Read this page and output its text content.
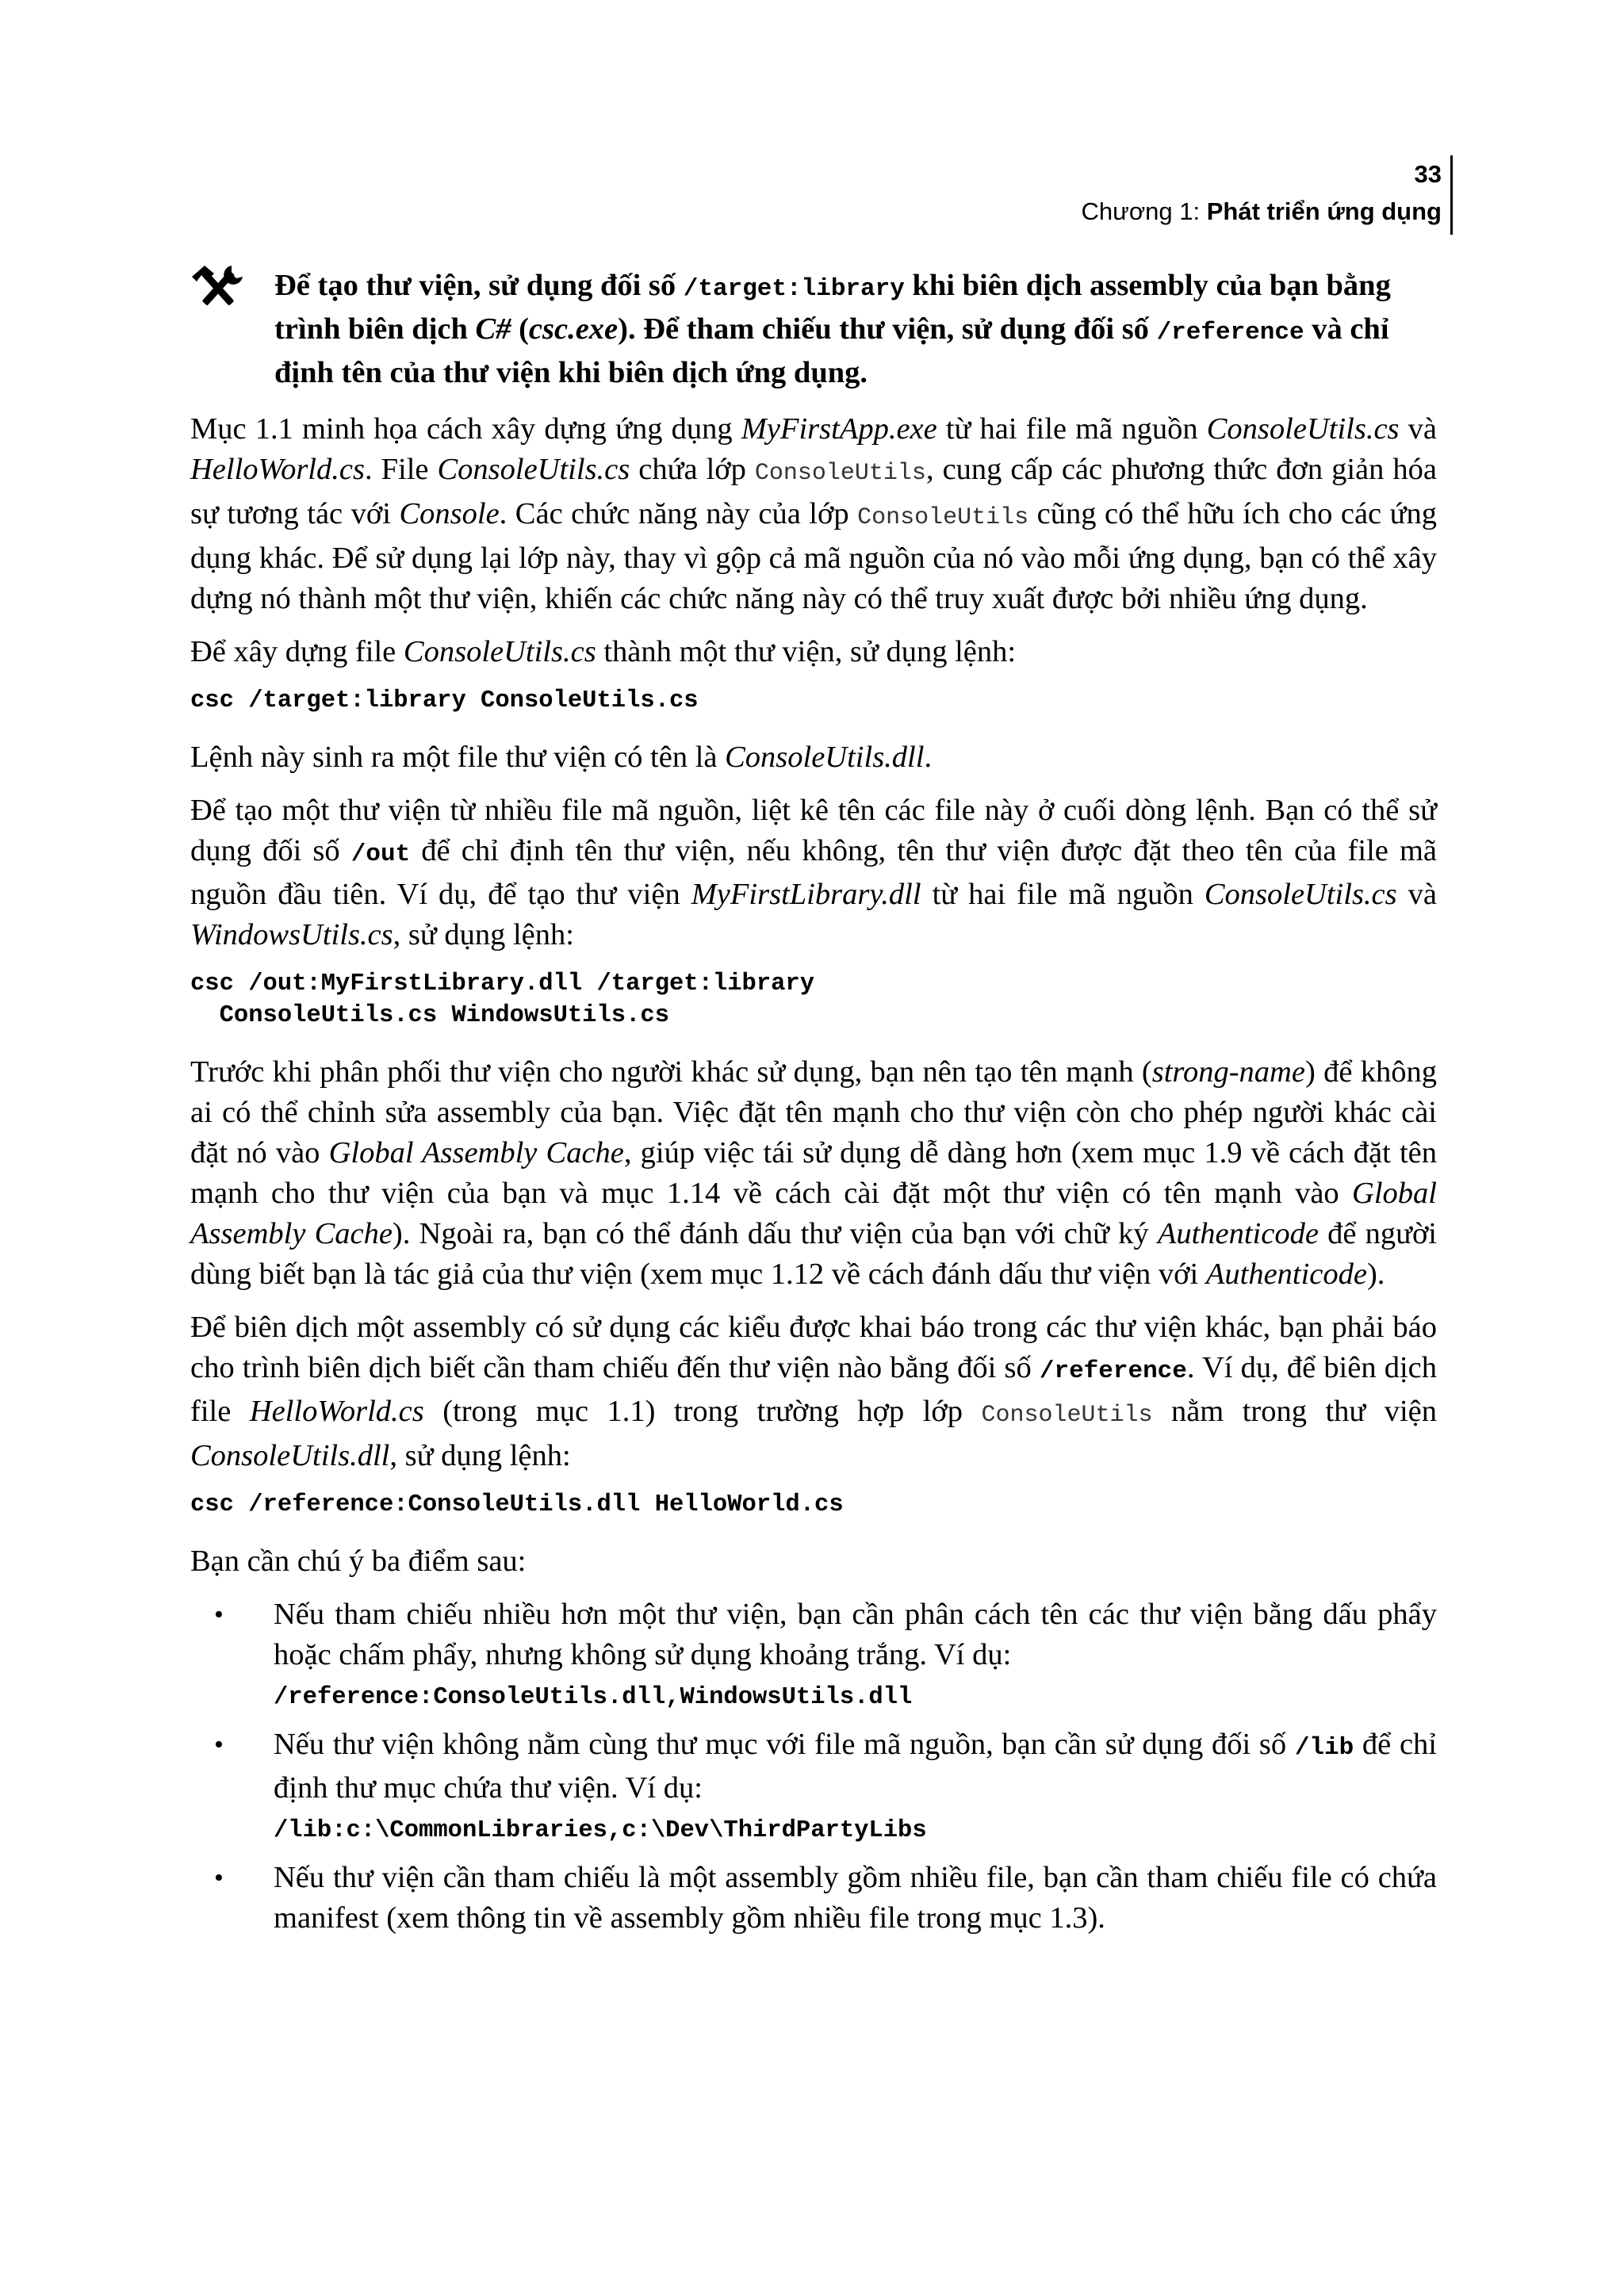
33
Chương 1: Phát triển ứng dụng
Để tạo thư viện, sử dụng đối số /target:library khi biên dịch assembly của bạn bằng trình biên dịch C# (csc.exe). Để tham chiếu thư viện, sử dụng đối số /reference và chỉ định tên của thư viện khi biên dịch ứng dụng.

Mục 1.1 minh họa cách xây dựng ứng dụng MyFirstApp.exe từ hai file mã nguồn ConsoleUtils.cs và HelloWorld.cs. File ConsoleUtils.cs chứa lớp ConsoleUtils, cung cấp các phương thức đơn giản hóa sự tương tác với Console. Các chức năng này của lớp ConsoleUtils cũng có thể hữu ích cho các ứng dụng khác. Để sử dụng lại lớp này, thay vì gộp cả mã nguồn của nó vào mỗi ứng dụng, bạn có thể xây dựng nó thành một thư viện, khiến các chức năng này có thể truy xuất được bởi nhiều ứng dụng.

Để xây dựng file ConsoleUtils.cs thành một thư viện, sử dụng lệnh:

csc /target:library ConsoleUtils.cs

Lệnh này sinh ra một file thư viện có tên là ConsoleUtils.dll.

Để tạo một thư viện từ nhiều file mã nguồn, liệt kê tên các file này ở cuối dòng lệnh. Bạn có thể sử dụng đối số /out để chỉ định tên thư viện, nếu không, tên thư viện được đặt theo tên của file mã nguồn đầu tiên. Ví dụ, để tạo thư viện MyFirstLibrary.dll từ hai file mã nguồn ConsoleUtils.cs và WindowsUtils.cs, sử dụng lệnh:

csc /out:MyFirstLibrary.dll /target:library
ConsoleUtils.cs WindowsUtils.cs

Trước khi phân phối thư viện cho người khác sử dụng, bạn nên tạo tên mạnh (strong-name) để không ai có thể chỉnh sửa assembly của bạn. Việc đặt tên mạnh cho thư viện còn cho phép người khác cài đặt nó vào Global Assembly Cache, giúp việc tái sử dụng dễ dàng hơn (xem mục 1.9 về cách đặt tên mạnh cho thư viện của bạn và mục 1.14 về cách cài đặt một thư viện có tên mạnh vào Global Assembly Cache). Ngoài ra, bạn có thể đánh dấu thư viện của bạn với chữ ký Authenticode để người dùng biết bạn là tác giả của thư viện (xem mục 1.12 về cách đánh dấu thư viện với Authenticode).

Để biên dịch một assembly có sử dụng các kiểu được khai báo trong các thư viện khác, bạn phải báo cho trình biên dịch biết cần tham chiếu đến thư viện nào bằng đối số /reference. Ví dụ, để biên dịch file HelloWorld.cs (trong mục 1.1) trong trường hợp lớp ConsoleUtils nằm trong thư viện ConsoleUtils.dll, sử dụng lệnh:

csc /reference:ConsoleUtils.dll HelloWorld.cs

Bạn cần chú ý ba điểm sau:

• Nếu tham chiếu nhiều hơn một thư viện, bạn cần phân cách tên các thư viện bằng dấu phẩy hoặc chấm phẩy, nhưng không sử dụng khoảng trắng. Ví dụ:
/reference:ConsoleUtils.dll,WindowsUtils.dll
• Nếu thư viện không nằm cùng thư mục với file mã nguồn, bạn cần sử dụng đối số /lib để chỉ định thư mục chứa thư viện. Ví dụ:
/lib:c:\CommonLibraries,c:\Dev\ThirdPartyLibs
• Nếu thư viện cần tham chiếu là một assembly gồm nhiều file, bạn cần tham chiếu file có chứa manifest (xem thông tin về assembly gồm nhiều file trong mục 1.3).
